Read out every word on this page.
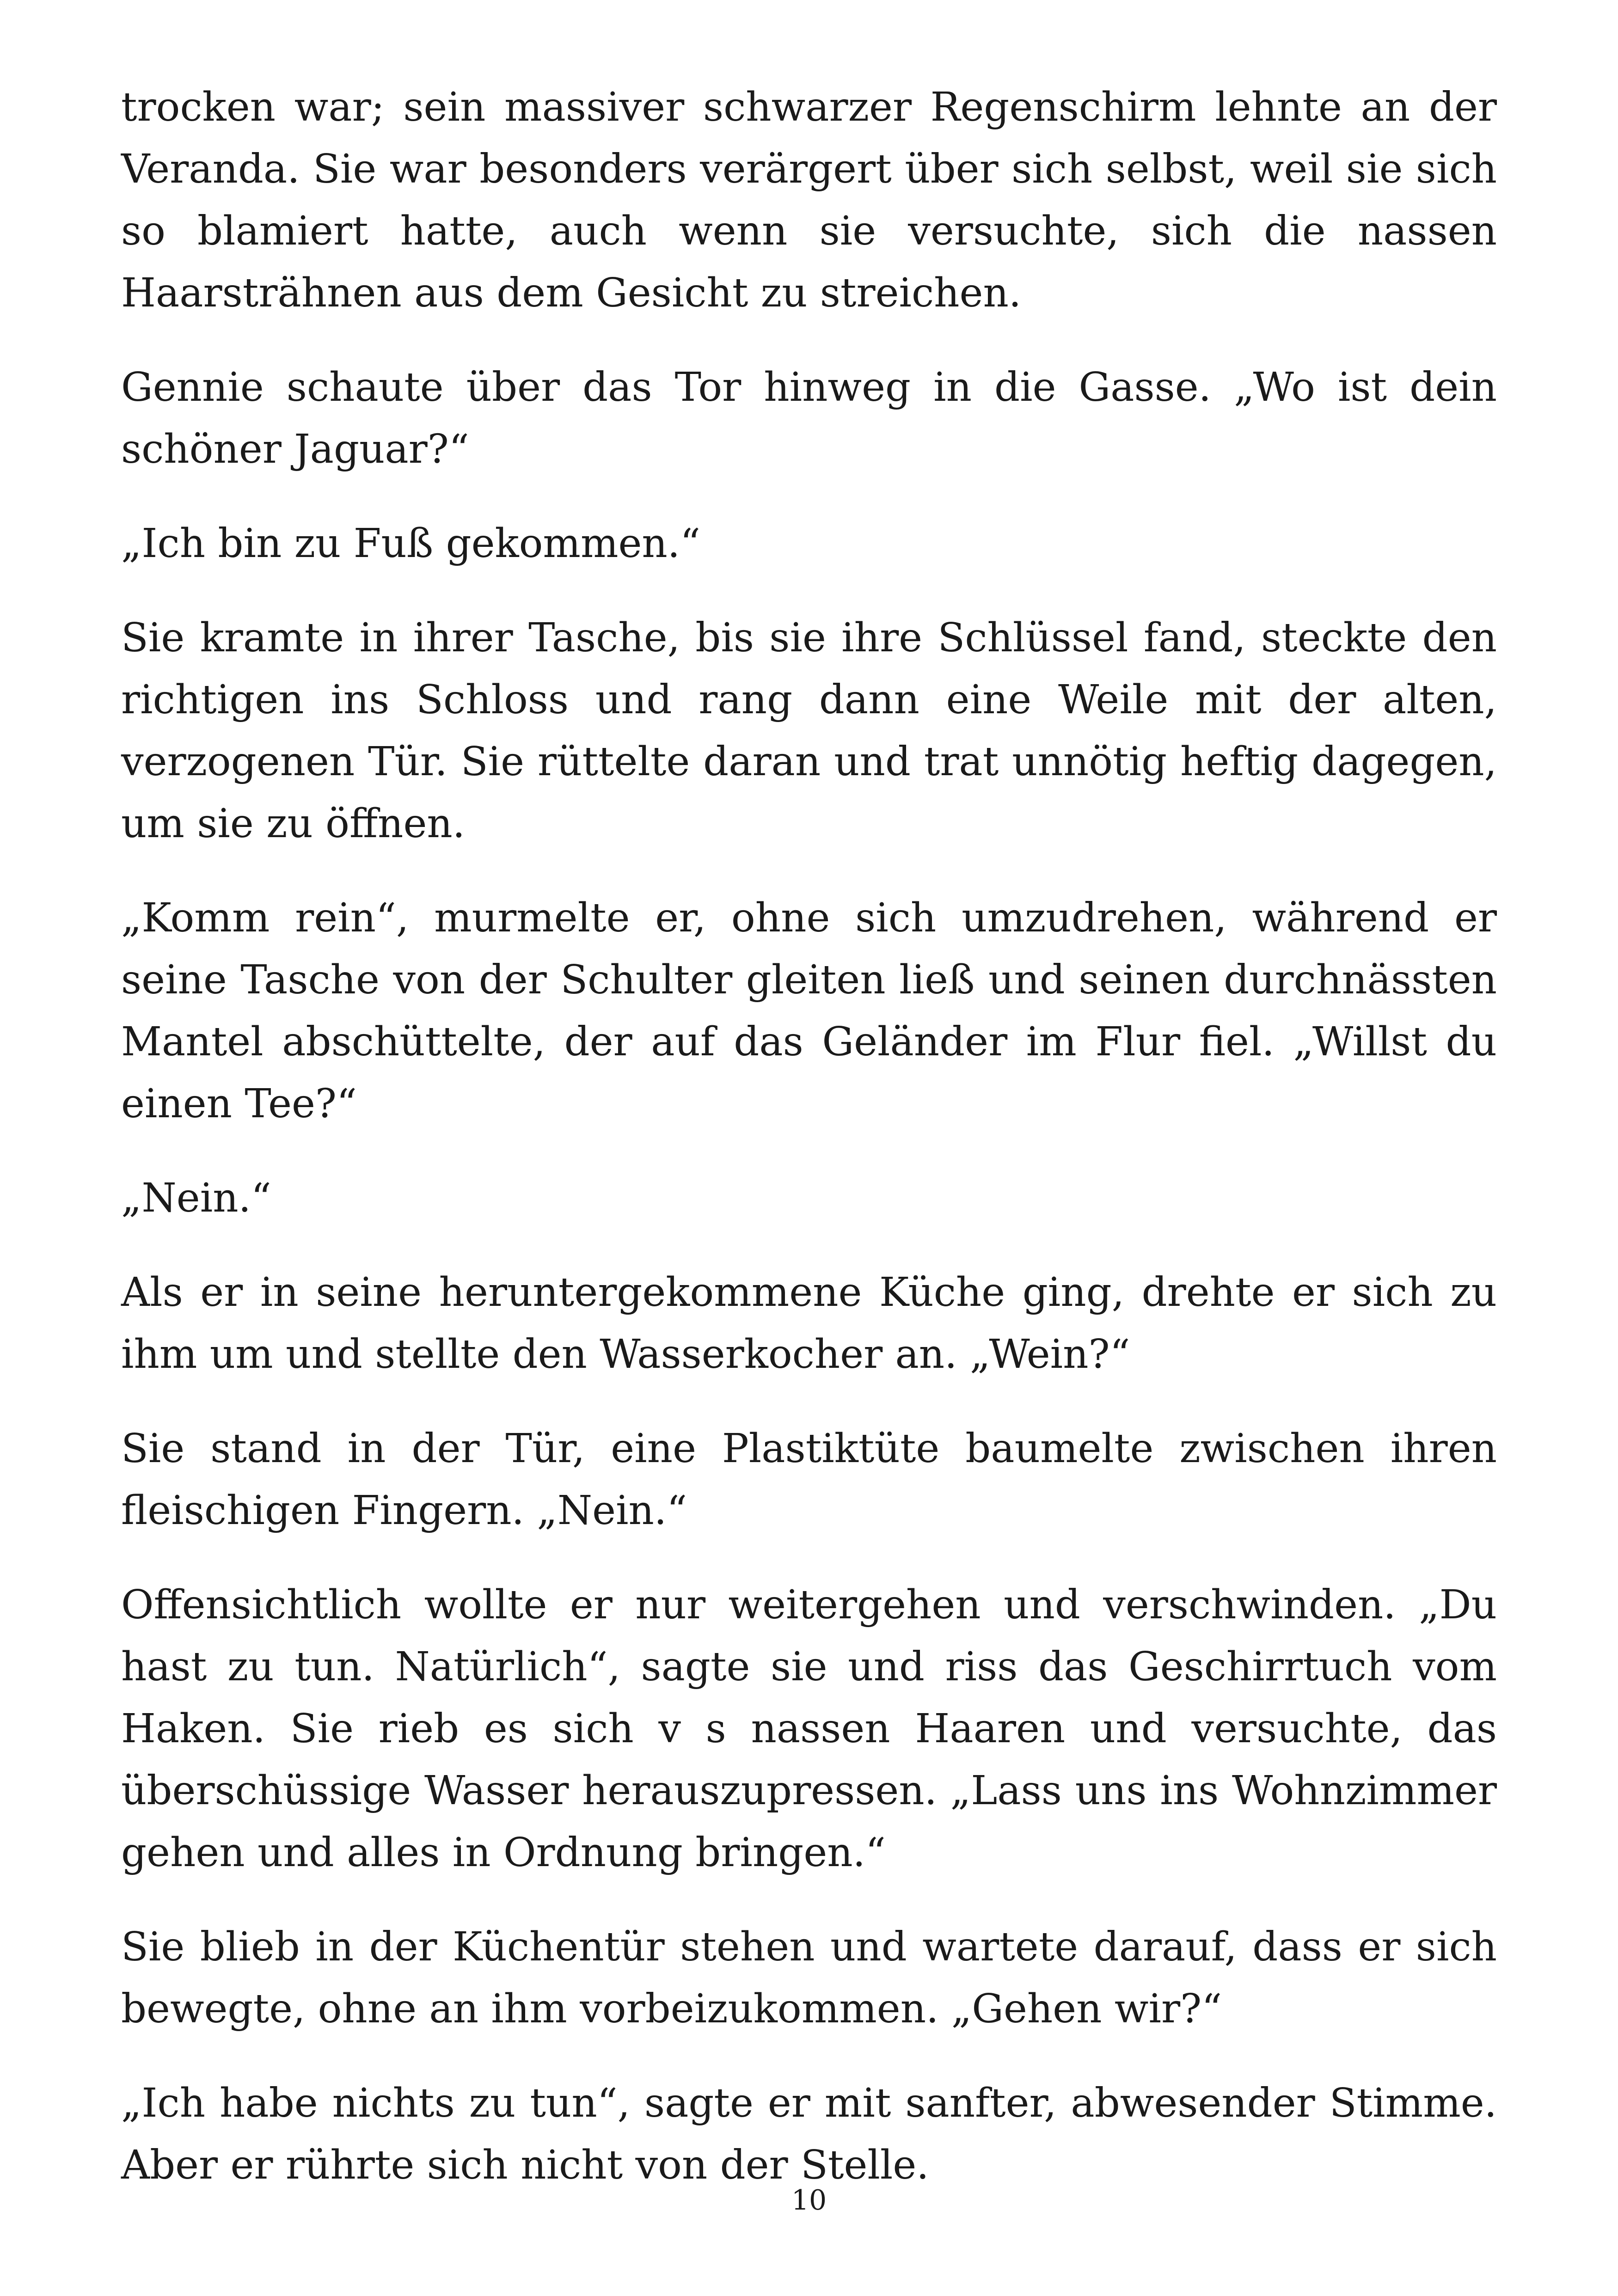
trocken war; sein massiver schwarzer Regenschirm lehnte an der Veranda. Sie war besonders verärgert über sich selbst, weil sie sich so blamiert hatte, auch wenn sie versuchte, sich die nassen Haarsträhnen aus dem Gesicht zu streichen.

Gennie schaute über das Tor hinweg in die Gasse. „Wo ist dein schöner Jaguar?“

„Ich bin zu Fuß gekommen.“

Sie kramte in ihrer Tasche, bis sie ihre Schlüssel fand, steckte den richtigen ins Schloss und rang dann eine Weile mit der alten, verzogenen Tür. Sie rüttelte daran und trat unnötig heftig dagegen, um sie zu öffnen.

„Komm rein“, murmelte er, ohne sich umzudrehen, während er seine Tasche von der Schulter gleiten ließ und seinen durchnässten Mantel abschüttelte, der auf das Geländer im Flur fiel. „Willst du einen Tee?“

„Nein.“

Als er in seine heruntergekommene Küche ging, drehte er sich zu ihm um und stellte den Wasserkocher an. „Wein?“

Sie stand in der Tür, eine Plastiktüte baumelte zwischen ihren fleischigen Fingern. „Nein.“

Offensichtlich wollte er nur weitergehen und verschwinden. „Du hast zu tun. Natürlich“, sagte sie und riss das Geschirrtuch vom Haken. Sie rieb es sich v s nassen Haaren und versuchte, das überschüssige Wasser herauszupressen. „Lass uns ins Wohnzimmer gehen und alles in Ordnung bringen.“

Sie blieb in der Küchentür stehen und wartete darauf, dass er sich bewegte, ohne an ihm vorbeizukommen. „Gehen wir?“

„Ich habe nichts zu tun“, sagte er mit sanfter, abwesender Stimme. Aber er rührte sich nicht von der Stelle.

10
